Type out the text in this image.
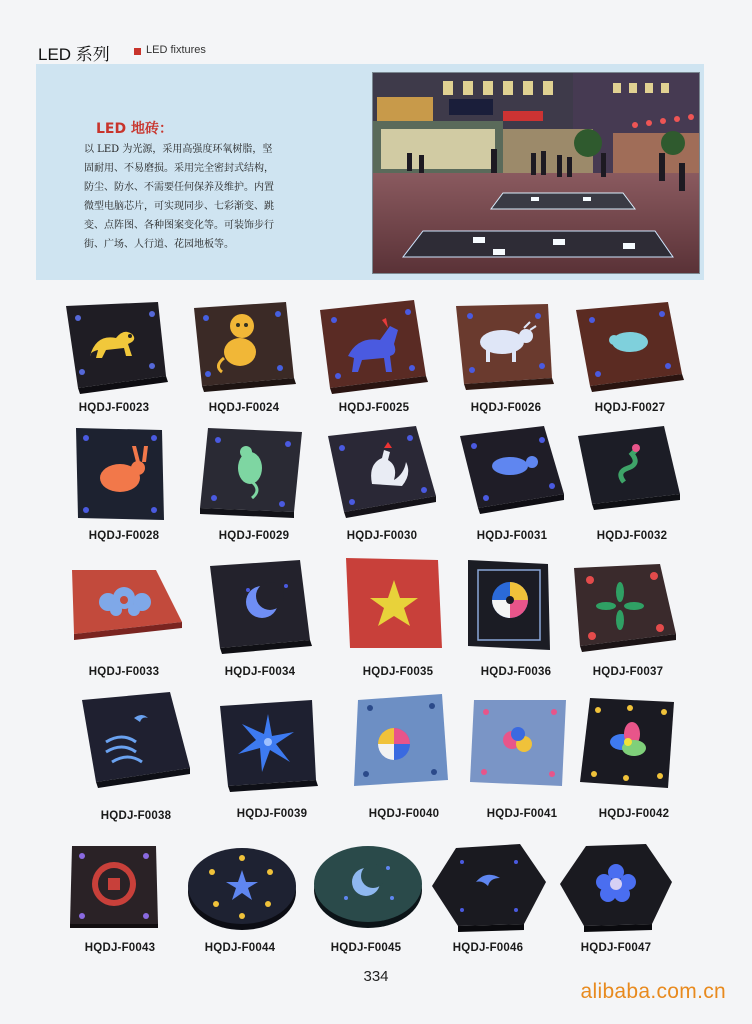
LED 系列	LED fixtures
LED 地砖：
以 LED 为光源，采用高强度环氧树脂，坚
固耐用、不易磨损。采用完全密封式结构，
防尘、防水、不需要任何保养及维护。内置
微型电脑芯片，可实现同步、七彩渐变、跳
变、点阵图、各种图案变化等。可装饰步行
街、广场、人行道、花园地板等。
HQDJ-F0023	HQDJ-F0024	HQDJ-F0025	HQDJ-F0026	HQDJ-F0027
HQDJ-F0028	HQDJ-F0029	HQDJ-F0030	HQDJ-F0031	HQDJ-F0032
HQDJ-F0033	HQDJ-F0034	HQDJ-F0035	HQDJ-F0036	HQDJ-F0037
HQDJ-F0038	HQDJ-F0039	HQDJ-F0040	HQDJ-F0041	HQDJ-F0042
HQDJ-F0043	HQDJ-F0044	HQDJ-F0045	HQDJ-F0046	HQDJ-F0047
334
alibaba.com.cn
